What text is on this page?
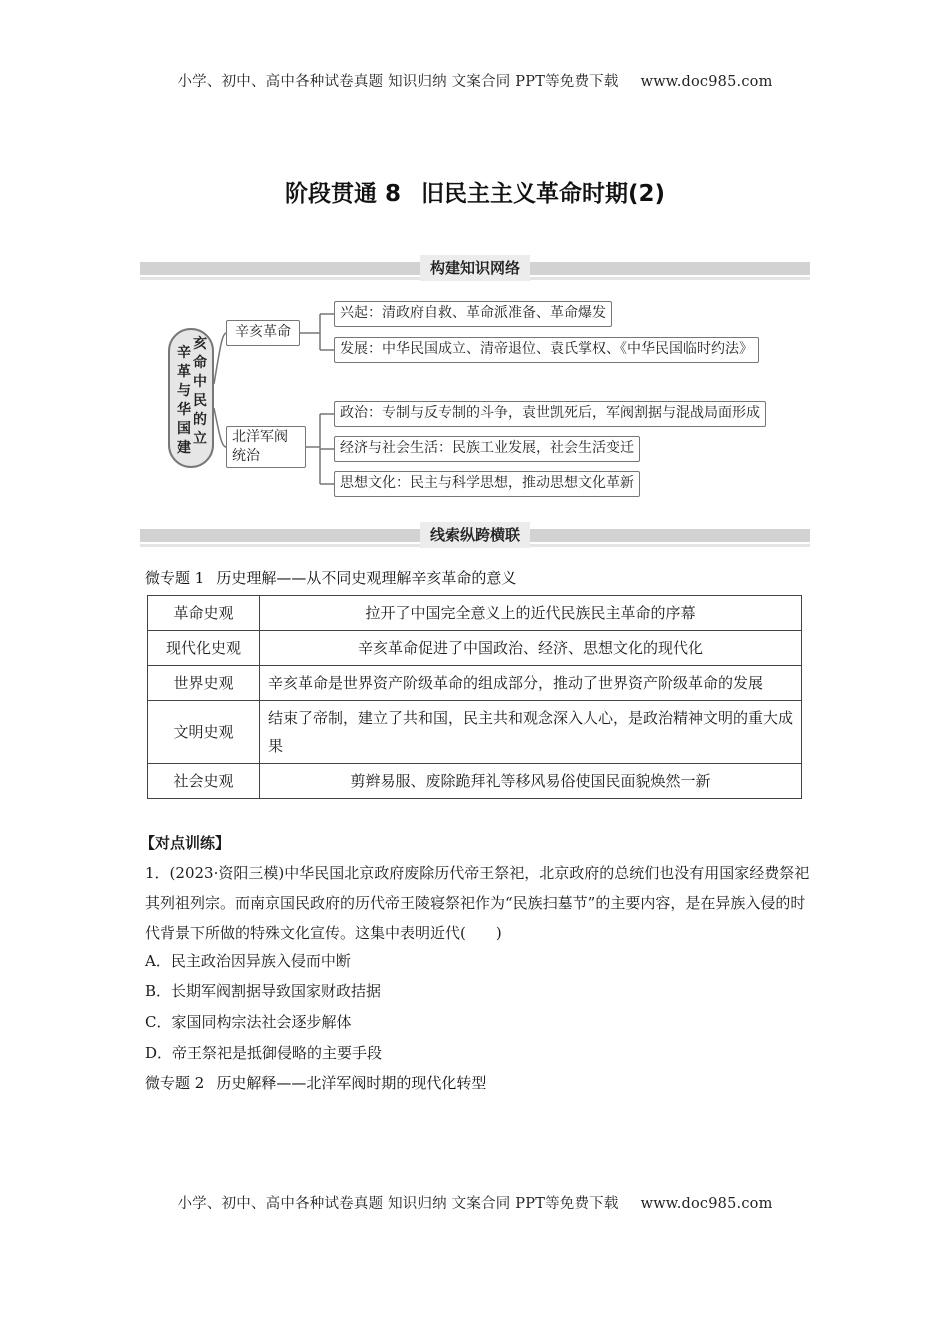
小学、初中、高中各种试卷真题 知识归纳 文案合同 PPT等免费下载 www.doc985.com
阶段贯通 8 旧民主主义革命时期(2)
构建知识网络
辛
革
与
华
国
建
亥
命
中
民
的
立
辛亥革命
北洋军阀统治
兴起：清政府自救、革命派准备、革命爆发
发展：中华民国成立、清帝退位、袁氏掌权、《中华民国临时约法》
政治：专制与反专制的斗争，袁世凯死后，军阀割据与混战局面形成
经济与社会生活：民族工业发展，社会生活变迁
思想文化：民主与科学思想，推动思想文化革新
线索纵跨横联
微专题 1 历史理解——从不同史观理解辛亥革命的意义
革命史观	拉开了中国完全意义上的近代民族民主革命的序幕
现代化史观	辛亥革命促进了中国政治、经济、思想文化的现代化
世界史观	辛亥革命是世界资产阶级革命的组成部分，推动了世界资产阶级革命的发展
文明史观	结束了帝制，建立了共和国，民主共和观念深入人心，是政治精神文明的重大成果
社会史观	剪辫易服、废除跪拜礼等移风易俗使国民面貌焕然一新
【对点训练】
1．(2023·资阳三模)中华民国北京政府废除历代帝王祭祀，北京政府的总统们也没有用国家经费祭祀其列祖列宗。而南京国民政府的历代帝王陵寝祭祀作为“民族扫墓节”的主要内容，是在异族入侵的时代背景下所做的特殊文化宣传。这集中表明近代(　　)
A．民主政治因异族入侵而中断
B．长期军阀割据导致国家财政拮据
C．家国同构宗法社会逐步解体
D．帝王祭祀是抵御侵略的主要手段
微专题 2 历史解释——北洋军阀时期的现代化转型
小学、初中、高中各种试卷真题 知识归纳 文案合同 PPT等免费下载 www.doc985.com
